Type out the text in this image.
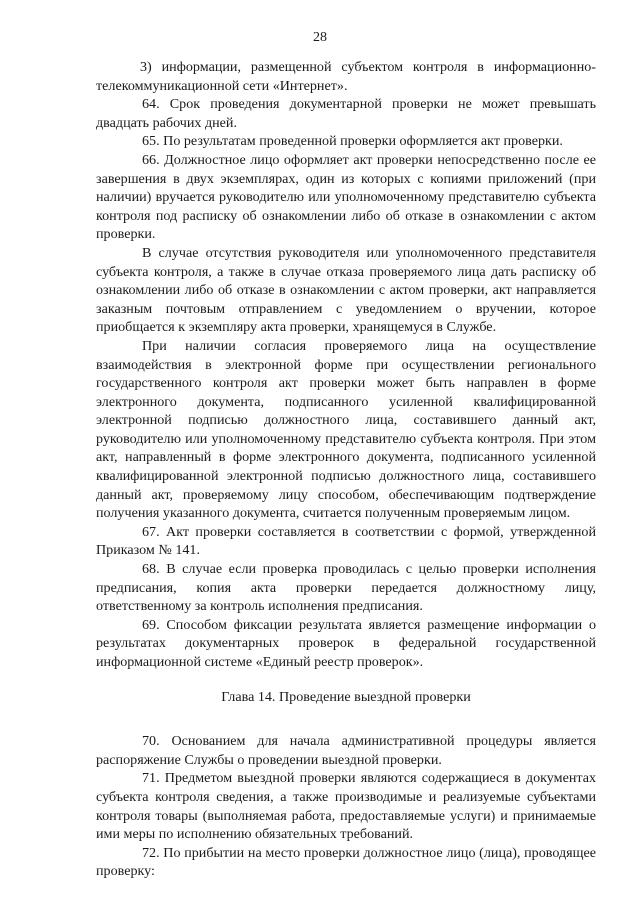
28

3) информации, размещенной субъектом контроля в информационно-телекоммуникационной сети «Интернет».

64. Срок проведения документарной проверки не может превышать двадцать рабочих дней.

65. По результатам проведенной проверки оформляется акт проверки.

66. Должностное лицо оформляет акт проверки непосредственно после ее завершения в двух экземплярах, один из которых с копиями приложений (при наличии) вручается руководителю или уполномоченному представителю субъекта контроля под расписку об ознакомлении либо об отказе в ознакомлении с актом проверки.

В случае отсутствия руководителя или уполномоченного представителя субъекта контроля, а также в случае отказа проверяемого лица дать расписку об ознакомлении либо об отказе в ознакомлении с актом проверки, акт направляется заказным почтовым отправлением с уведомлением о вручении, которое приобщается к экземпляру акта проверки, хранящемуся в Службе.

При наличии согласия проверяемого лица на осуществление взаимодействия в электронной форме при осуществлении регионального государственного контроля акт проверки может быть направлен в форме электронного документа, подписанного усиленной квалифицированной электронной подписью должностного лица, составившего данный акт, руководителю или уполномоченному представителю субъекта контроля. При этом акт, направленный в форме электронного документа, подписанного усиленной квалифицированной электронной подписью должностного лица, составившего данный акт, проверяемому лицу способом, обеспечивающим подтверждение получения указанного документа, считается полученным проверяемым лицом.

67. Акт проверки составляется в соответствии с формой, утвержденной Приказом № 141.

68. В случае если проверка проводилась с целью проверки исполнения предписания, копия акта проверки передается должностному лицу, ответственному за контроль исполнения предписания.

69. Способом фиксации результата является размещение информации о результатах документарных проверок в федеральной государственной информационной системе «Единый реестр проверок».

Глава 14. Проведение выездной проверки

70. Основанием для начала административной процедуры является распоряжение Службы о проведении выездной проверки.

71. Предметом выездной проверки являются содержащиеся в документах субъекта контроля сведения, а также производимые и реализуемые субъектами контроля товары (выполняемая работа, предоставляемые услуги) и принимаемые ими меры по исполнению обязательных требований.

72. По прибытии на место проверки должностное лицо (лица), проводящее проверку:
